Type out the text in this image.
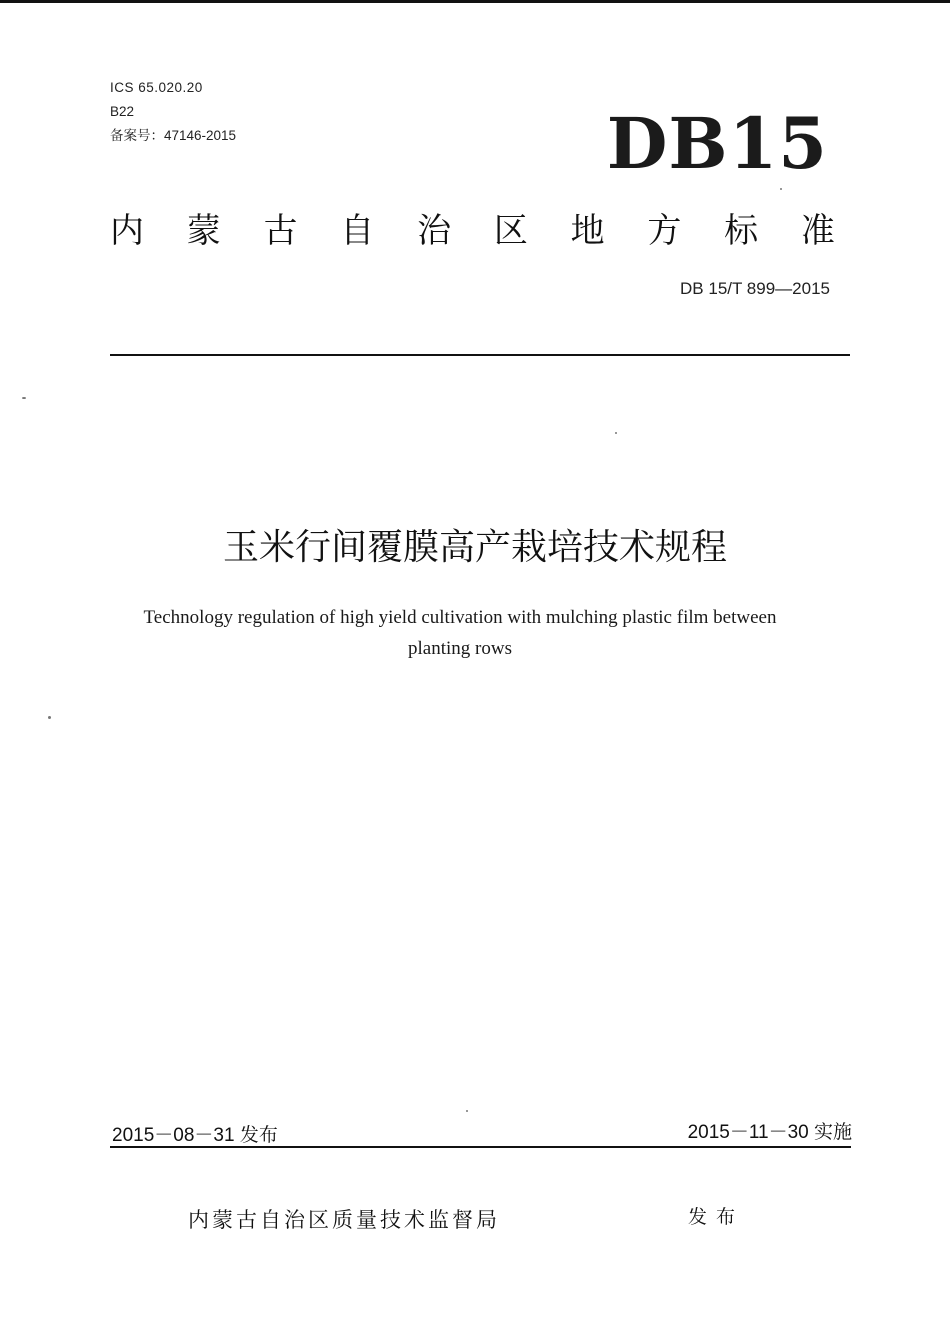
ICS 65.020.20
B22
备案号：47146-2015	DB15
内 蒙 古 自 治 区 地 方 标 准
DB 15/T 899—2015
玉米行间覆膜高产栽培技术规程
Technology regulation of high yield cultivation with mulching plastic film between
planting rows
2015－08－31 发布	2015－11－30 实施
内蒙古自治区质量技术监督局	发布
